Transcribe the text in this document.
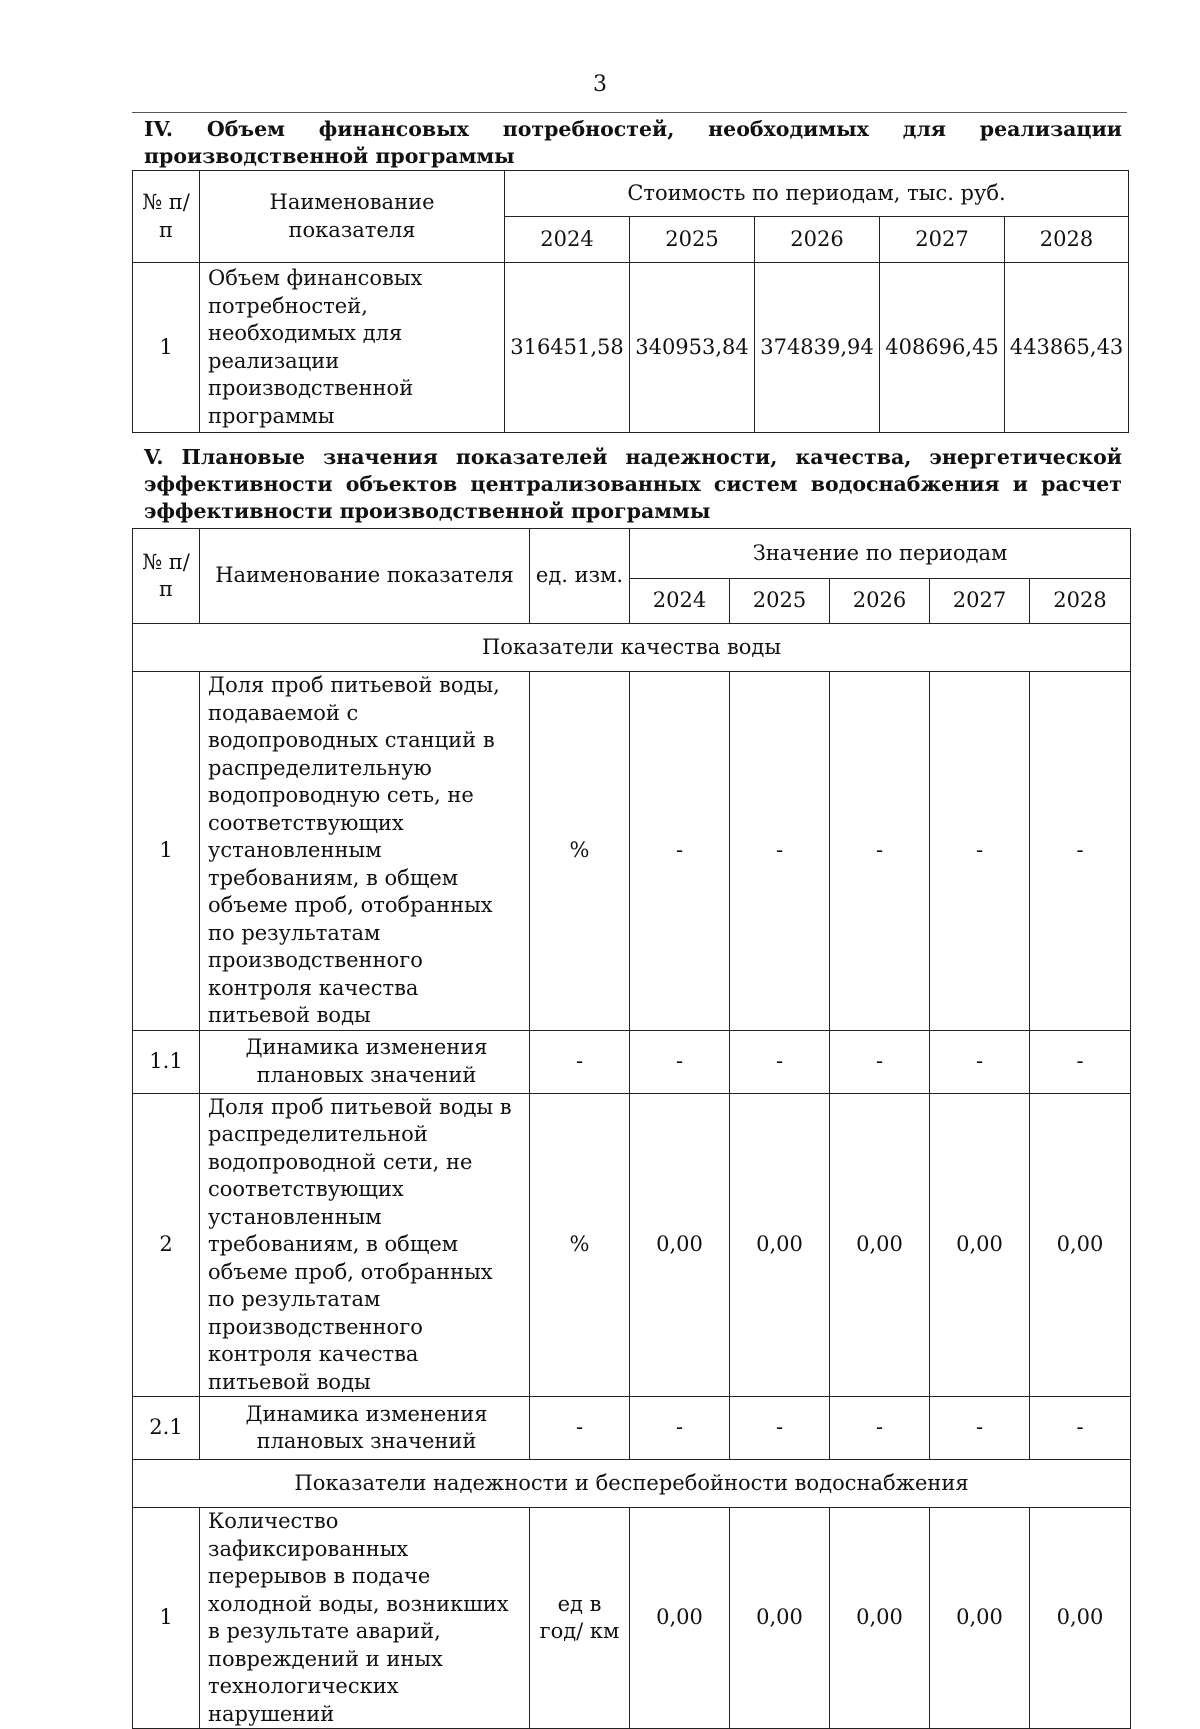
3
IV. Объем финансовых потребностей, необходимых для реализации производственной программы
№ п/п	Наименование показателя	Стоимость по периодам, тыс. руб.				
		2024	2025	2026	2027	2028
1	Объем финансовых потребностей, необходимых для реализации производственной программы	316451,58	340953,84	374839,94	408696,45	443865,43
V. Плановые значения показателей надежности, качества, энергетической эффективности объектов централизованных систем водоснабжения и расчет эффективности производственной программы
№ п/п	Наименование показателя	ед. изм.	Значение по периодам				
			2024	2025	2026	2027	2028
Показатели качества воды							
1	Доля проб питьевой воды, подаваемой с водопроводных станций в распределительную водопроводную сеть, не соответствующих установленным требованиям, в общем объеме проб, отобранных по результатам производственного контроля качества питьевой воды	%	-	-	-	-	-
1.1	Динамика изменения плановых значений	-	-	-	-	-	-
2	Доля проб питьевой воды в распределительной водопроводной сети, не соответствующих установленным требованиям, в общем объеме проб, отобранных по результатам производственного контроля качества питьевой воды	%	0,00	0,00	0,00	0,00	0,00
2.1	Динамика изменения плановых значений	-	-	-	-	-	-
Показатели надежности и бесперебойности водоснабжения							
1	Количество зафиксированных перерывов в подаче холодной воды, возникших в результате аварий, повреждений и иных технологических нарушений	ед в год/ км	0,00	0,00	0,00	0,00	0,00
